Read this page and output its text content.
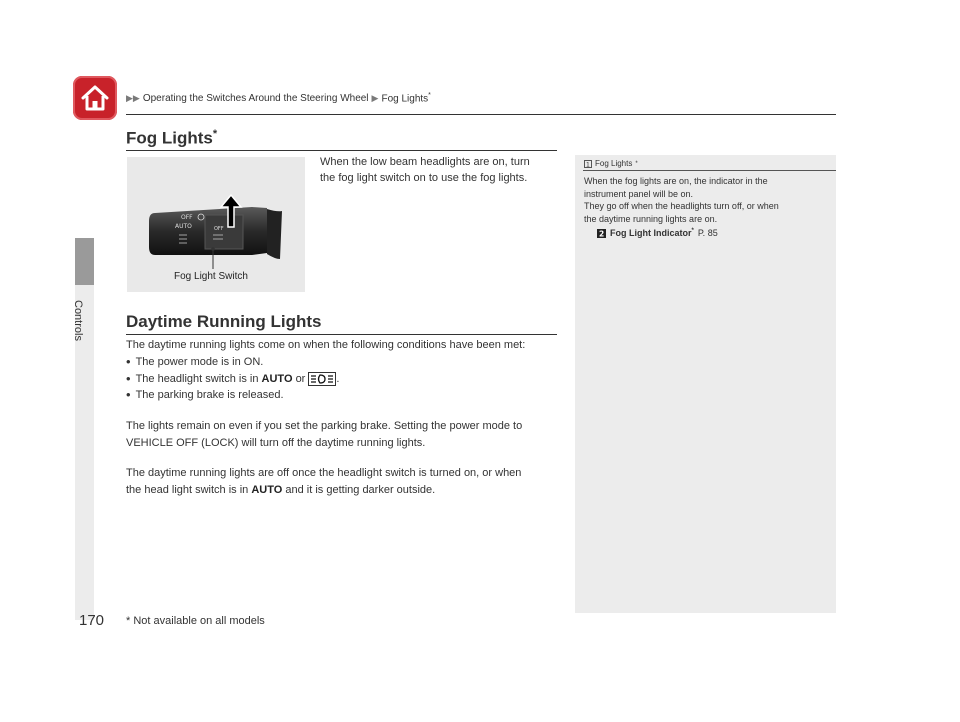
▶▶ Operating the Switches Around the Steering Wheel ▶ Fog Lights*
Controls
Fog Lights*
OFF
AUTO	OFF
Fog Light Switch
When the low beam headlights are on, turn
the fog light switch on to use the fog lights.
Daytime Running Lights
The daytime running lights come on when the following conditions have been met:
• The power mode is in ON.
• The headlight switch is in
AUTO
or	.
• The parking brake is released.
The lights remain on even if you set the parking brake. Setting the power mode to
VEHICLE OFF (LOCK) will turn off the daytime running lights.
The daytime running lights are off once the headlight switch is turned on, or when
the head light switch is in AUTO and it is getting darker outside.
1 Fog Lights *
When the fog lights are on, the indicator in the
instrument panel will be on.
They go off when the headlights turn off, or when
the daytime running lights are on.
2 Fog Light Indicator* P. 85
170 * Not available on all models
